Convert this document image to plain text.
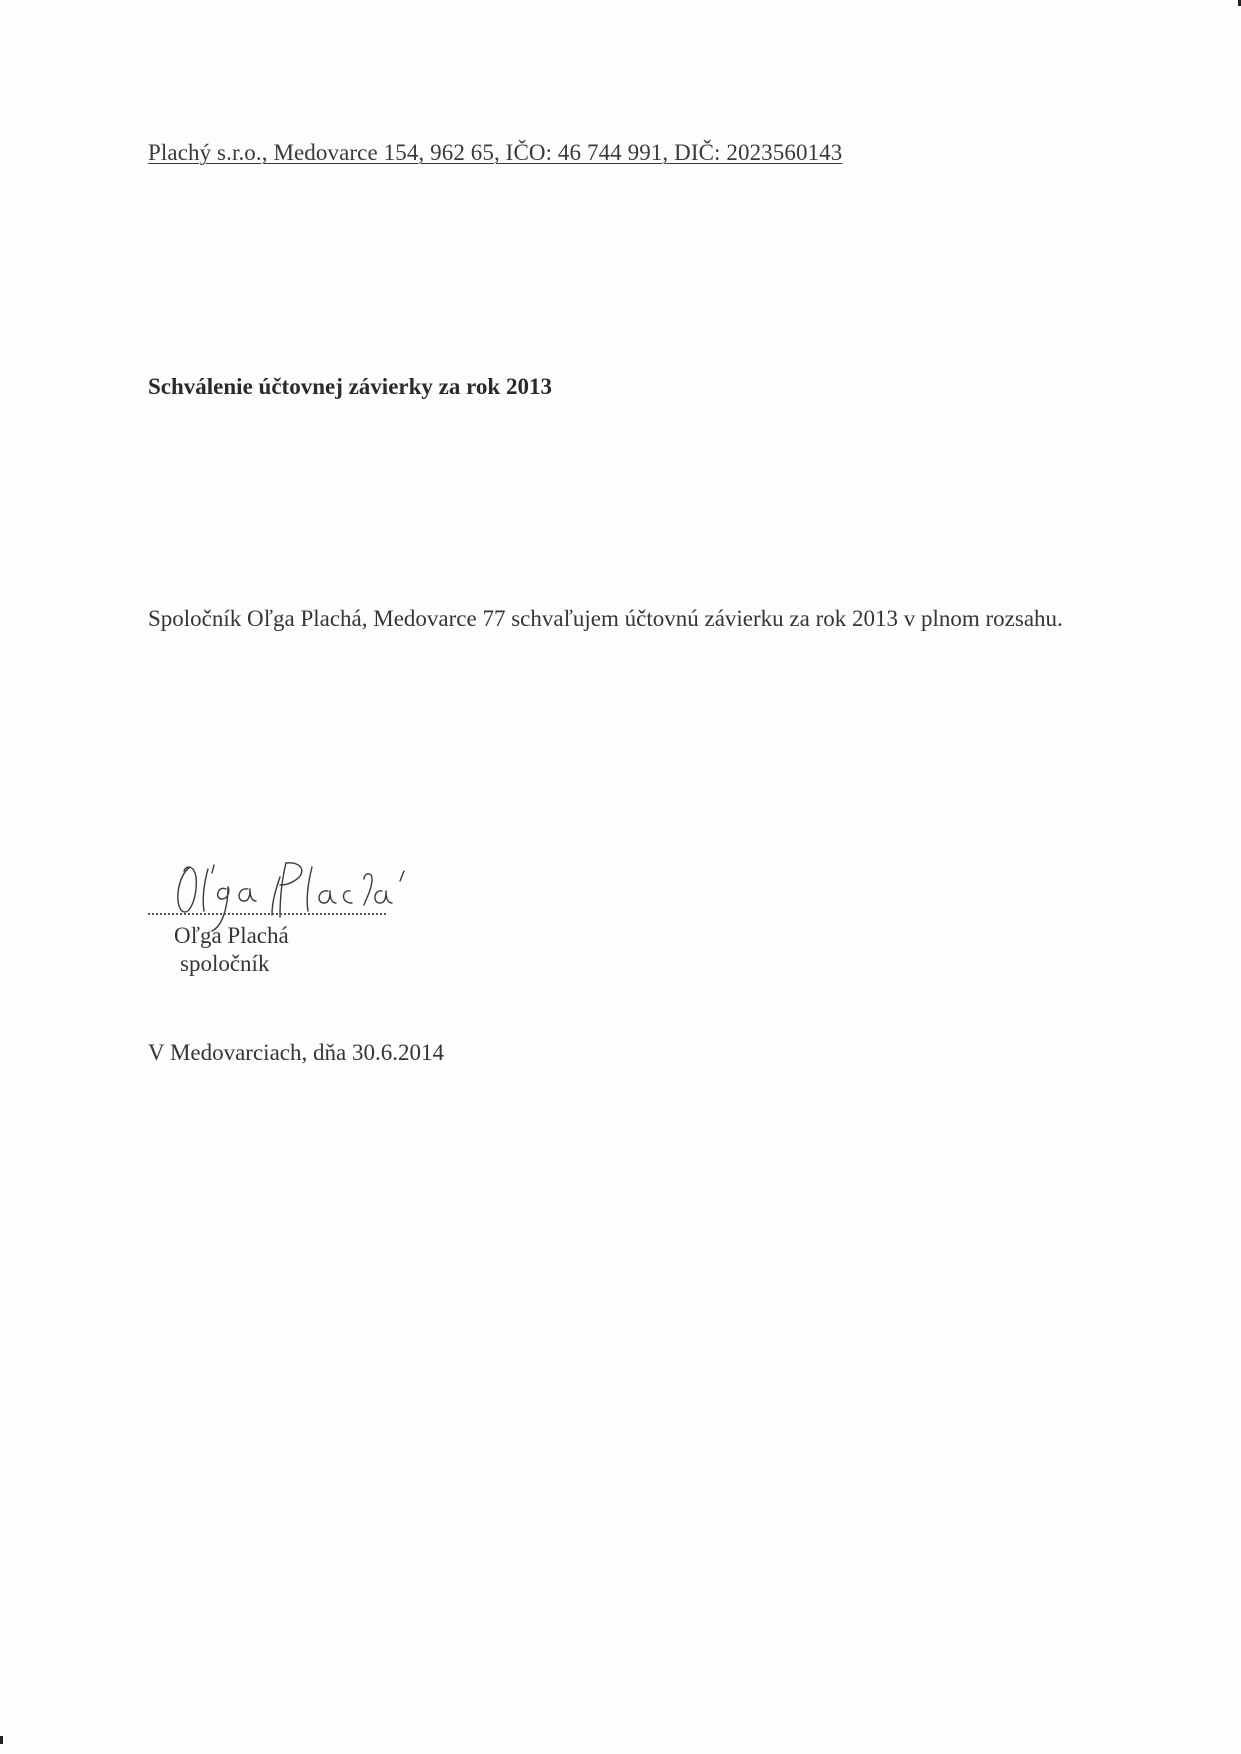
Plachý s.r.o., Medovarce 154, 962 65, IČO: 46 744 991, DIČ: 2023560143
Schválenie účtovnej závierky za rok 2013
Spoločník Oľga Plachá, Medovarce 77 schvaľujem účtovnú závierku za rok 2013 v plnom rozsahu.
Oľga Plachá
spoločník
V Medovarciach, dňa 30.6.2014
